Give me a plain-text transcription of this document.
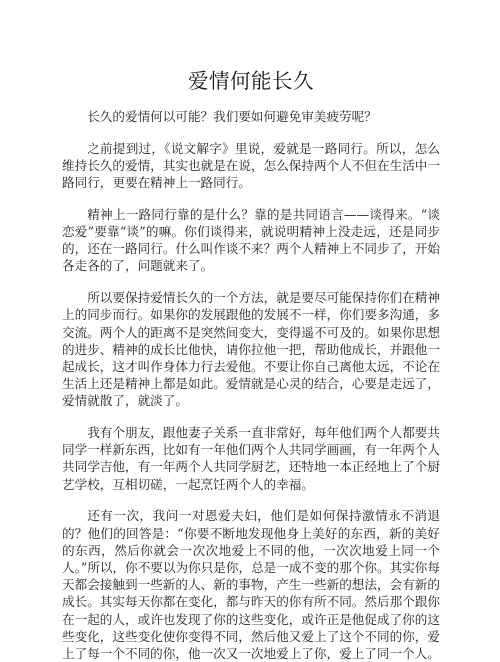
爱情何能长久

长久的爱情何以可能？我们要如何避免审美疲劳呢？

之前提到过，《说文解字》里说，爱就是一路同行。所以，怎么维持长久的爱情，其实也就是在说，怎么保持两个人不但在生活中一路同行，更要在精神上一路同行。

精神上一路同行靠的是什么？靠的是共同语言——谈得来。“谈恋爱”要靠“谈”的嘛。你们谈得来，就说明精神上没走远，还是同步的，还在一路同行。什么叫作谈不来？两个人精神上不同步了，开始各走各的了，问题就来了。

所以要保持爱情长久的一个方法，就是要尽可能保持你们在精神上的同步而行。如果你的发展跟他的发展不一样，你们要多沟通，多交流。两个人的距离不是突然间变大，变得遥不可及的。如果你思想的进步、精神的成长比他快，请你拉他一把，帮助他成长，并跟他一起成长，这才叫作身体力行去爱他。不要让你自己离他太远，不论在生活上还是精神上都是如此。爱情就是心灵的结合，心要是走远了，爱情就散了，就淡了。

我有个朋友，跟他妻子关系一直非常好，每年他们两个人都要共同学一样新东西，比如有一年他们两个人共同学画画，有一年两个人共同学吉他，有一年两个人共同学厨艺，还特地一本正经地上了个厨艺学校，互相切磋，一起烹饪两个人的幸福。

还有一次，我问一对恩爱夫妇，他们是如何保持激情永不消退的？他们的回答是：“你要不断地发现他身上美好的东西，新的美好的东西，然后你就会一次次地爱上不同的他，一次次地爱上同一个人。”所以，你不要以为你只是你，总是一成不变的那个你。其实你每天都会接触到一些新的人、新的事物，产生一些新的想法，会有新的成长。其实每天你都在变化，都与昨天的你有所不同。然后那个跟你在一起的人，或许也发现了你的这些变化，或许正是他促成了你的这些变化，这些变化使你变得不同，然后他又爱上了这个不同的你，爱上了每一个不同的你，他一次又一次地爱上了你，爱上了同一个人。
